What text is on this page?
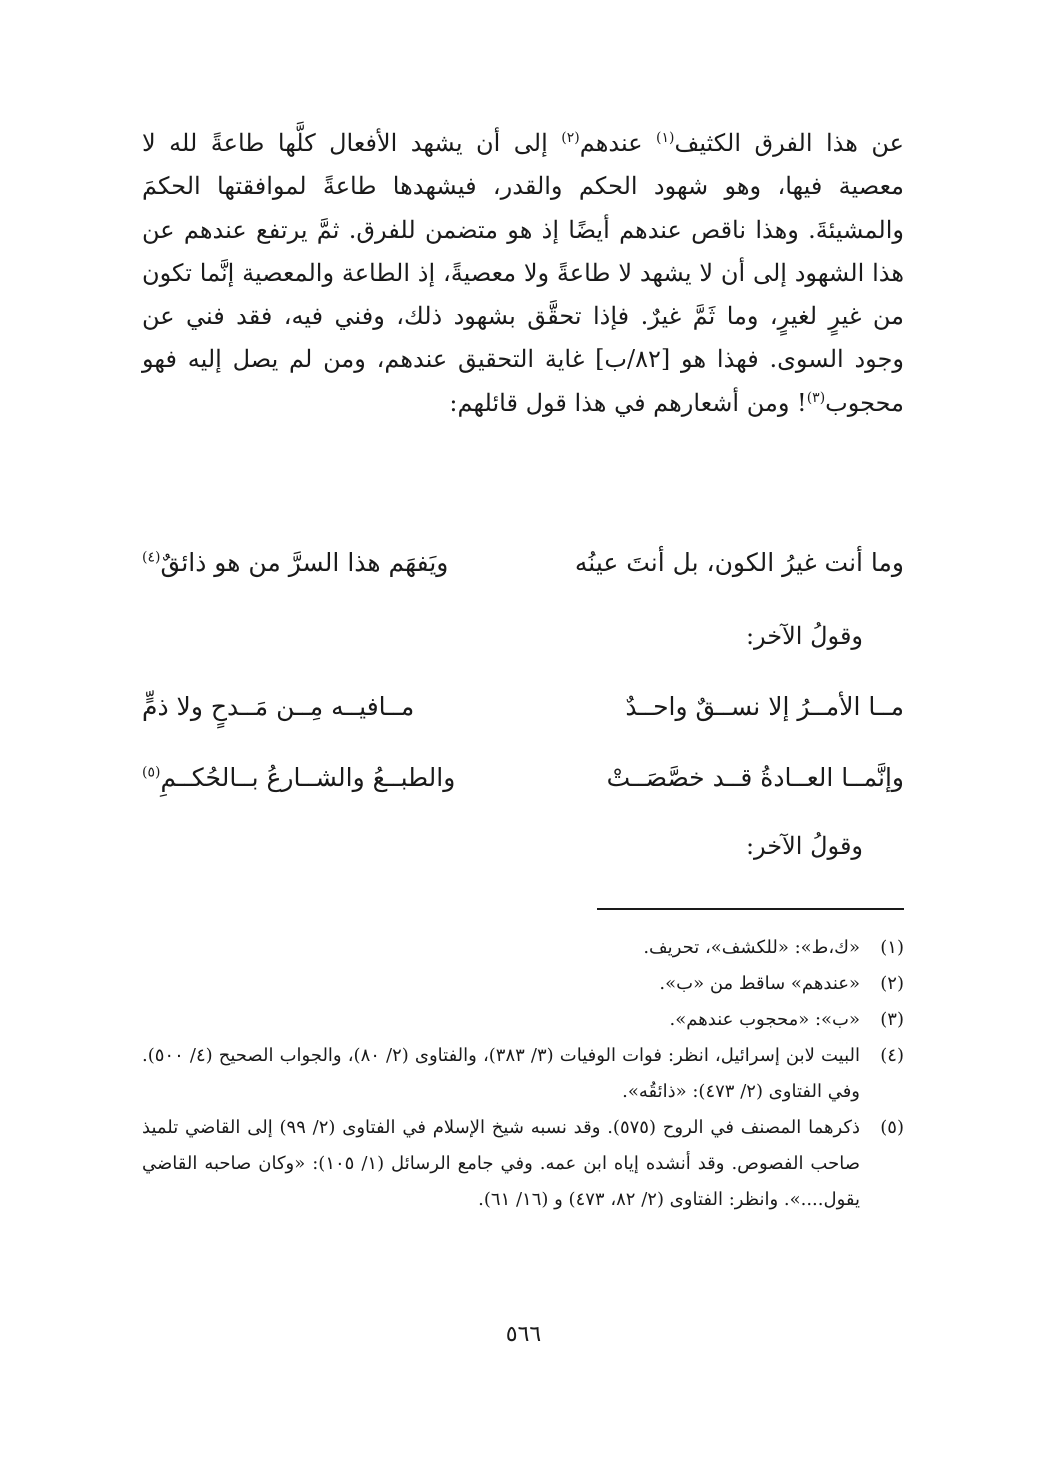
عن هذا الفرق الكثيف$^{(١)}$ عندهم$^{(٢)}$ إلى أن يشهد الأفعال كلَّها طاعةً لله لا معصية فيها، وهو شهود الحكم والقدر، فيشهدها طاعةً لموافقتها الحكمَ والمشيئةَ. وهذا ناقص عندهم أيضًا إذ هو متضمن للفرق. ثمَّ يرتفع عندهم عن هذا الشهود إلى أن لا يشهد لا طاعةً ولا معصيةً، إذ الطاعة والمعصية إنَّما تكون من غيرٍ لغيرٍ، وما ثَمَّ غيرٌ. فإذا تحقَّق بشهود ذلك، وفني فيه، فقد فني عن وجود السوى. فهذا هو [٨٢/ب] غاية التحقيق عندهم، ومن لم يصل إليه فهو محجوب$^{(٣)}$! ومن أشعارهم في هذا قول قائلهم:

وما أنت غيرُ الكون، بل أنتَ عينُه
ويَفهَم هذا السرَّ من هو ذائقٌ$^{(٤)}$
وقولُ الآخر:
مــا الأمــرُ إلا نســقٌ واحــدٌ
مــافيــه مِــن مَــدحٍ ولا ذمٍّ
وإنَّمــا العــادةُ قــد خصَّصَــتْ
والطبــعُ والشــارعُ بــالحُكــمِ$^{(٥)}$
وقولُ الآخر:
(١)
«ك،ط»: «للكشف»، تحريف.
(٢)
«عندهم» ساقط من «ب».
(٣)
«ب»: «محجوب عندهم».
(٤)
البيت لابن إسرائيل، انظر: فوات الوفيات (٣/ ٣٨٣)، والفتاوى (٢/ ٨٠)، والجواب الصحيح (٤/ ٥٠٠). وفي الفتاوى (٢/ ٤٧٣): «ذائقُه».
(٥)
ذكرهما المصنف في الروح (٥٧٥). وقد نسبه شيخ الإسلام في الفتاوى (٢/ ٩٩) إلى القاضي تلميذ صاحب الفصوص. وقد أنشده إياه ابن عمه. وفي جامع الرسائل (١/ ١٠٥): «وكان صاحبه القاضي يقول....». وانظر: الفتاوى (٢/ ٨٢، ٤٧٣) و (١٦/ ٦١).
٥٦٦
